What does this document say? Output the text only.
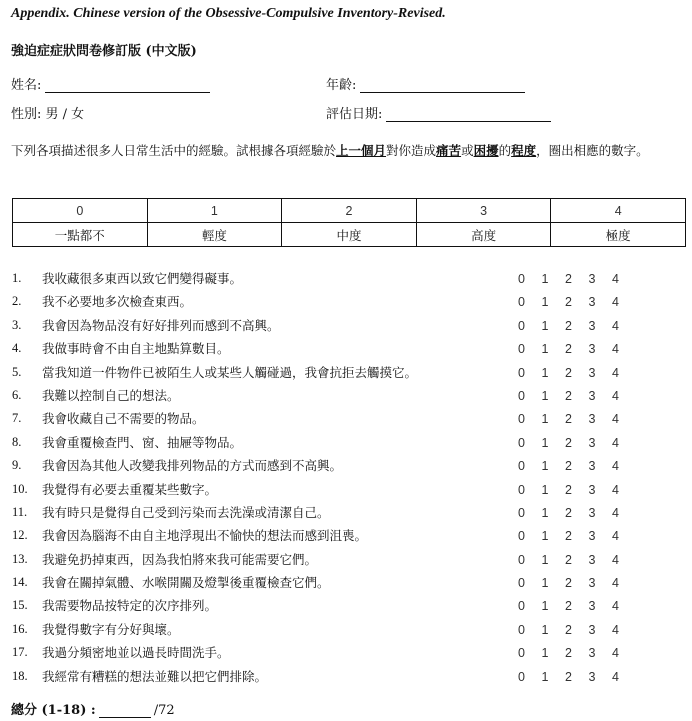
Appendix. Chinese version of the Obsessive-Compulsive Inventory-Revised.
強迫症症狀問卷修訂版 (中文版)
姓名:	年齡:
性別: 男 / 女	評估日期:
下列各項描述很多人日常生活中的經驗。試根據各項經驗於上一個月對你造成痛苦或困擾的程度，圈出相應的數字。
0	1	2	3	4
一點都不	輕度	中度	高度	極度
1.	我收藏很多東西以致它們變得礙事。	0 1 2 3 4
2.	我不必要地多次檢查東西。	0 1 2 3 4
3.	我會因為物品沒有好好排列而感到不高興。	0 1 2 3 4
4.	我做事時會不由自主地點算數目。	0 1 2 3 4
5.	當我知道一件物件已被陌生人或某些人觸碰過，我會抗拒去觸摸它。	0 1 2 3 4
6.	我難以控制自己的想法。	0 1 2 3 4
7.	我會收藏自己不需要的物品。	0 1 2 3 4
8.	我會重覆檢查門、窗、抽屜等物品。	0 1 2 3 4
9.	我會因為其他人改變我排列物品的方式而感到不高興。	0 1 2 3 4
10.	我覺得有必要去重覆某些數字。	0 1 2 3 4
11.	我有時只是覺得自己受到污染而去洗澡或清潔自己。	0 1 2 3 4
12.	我會因為腦海不由自主地浮現出不愉快的想法而感到沮喪。	0 1 2 3 4
13.	我避免扔掉東西，因為我怕將來我可能需要它們。	0 1 2 3 4
14.	我會在關掉氣體、水喉開關及燈掣後重覆檢查它們。	0 1 2 3 4
15.	我需要物品按特定的次序排列。	0 1 2 3 4
16.	我覺得數字有分好與壞。	0 1 2 3 4
17.	我過分頻密地並以過長時間洗手。	0 1 2 3 4
18.	我經常有糟糕的想法並難以把它們排除。	0 1 2 3 4
總分 (1-18) :	/72
